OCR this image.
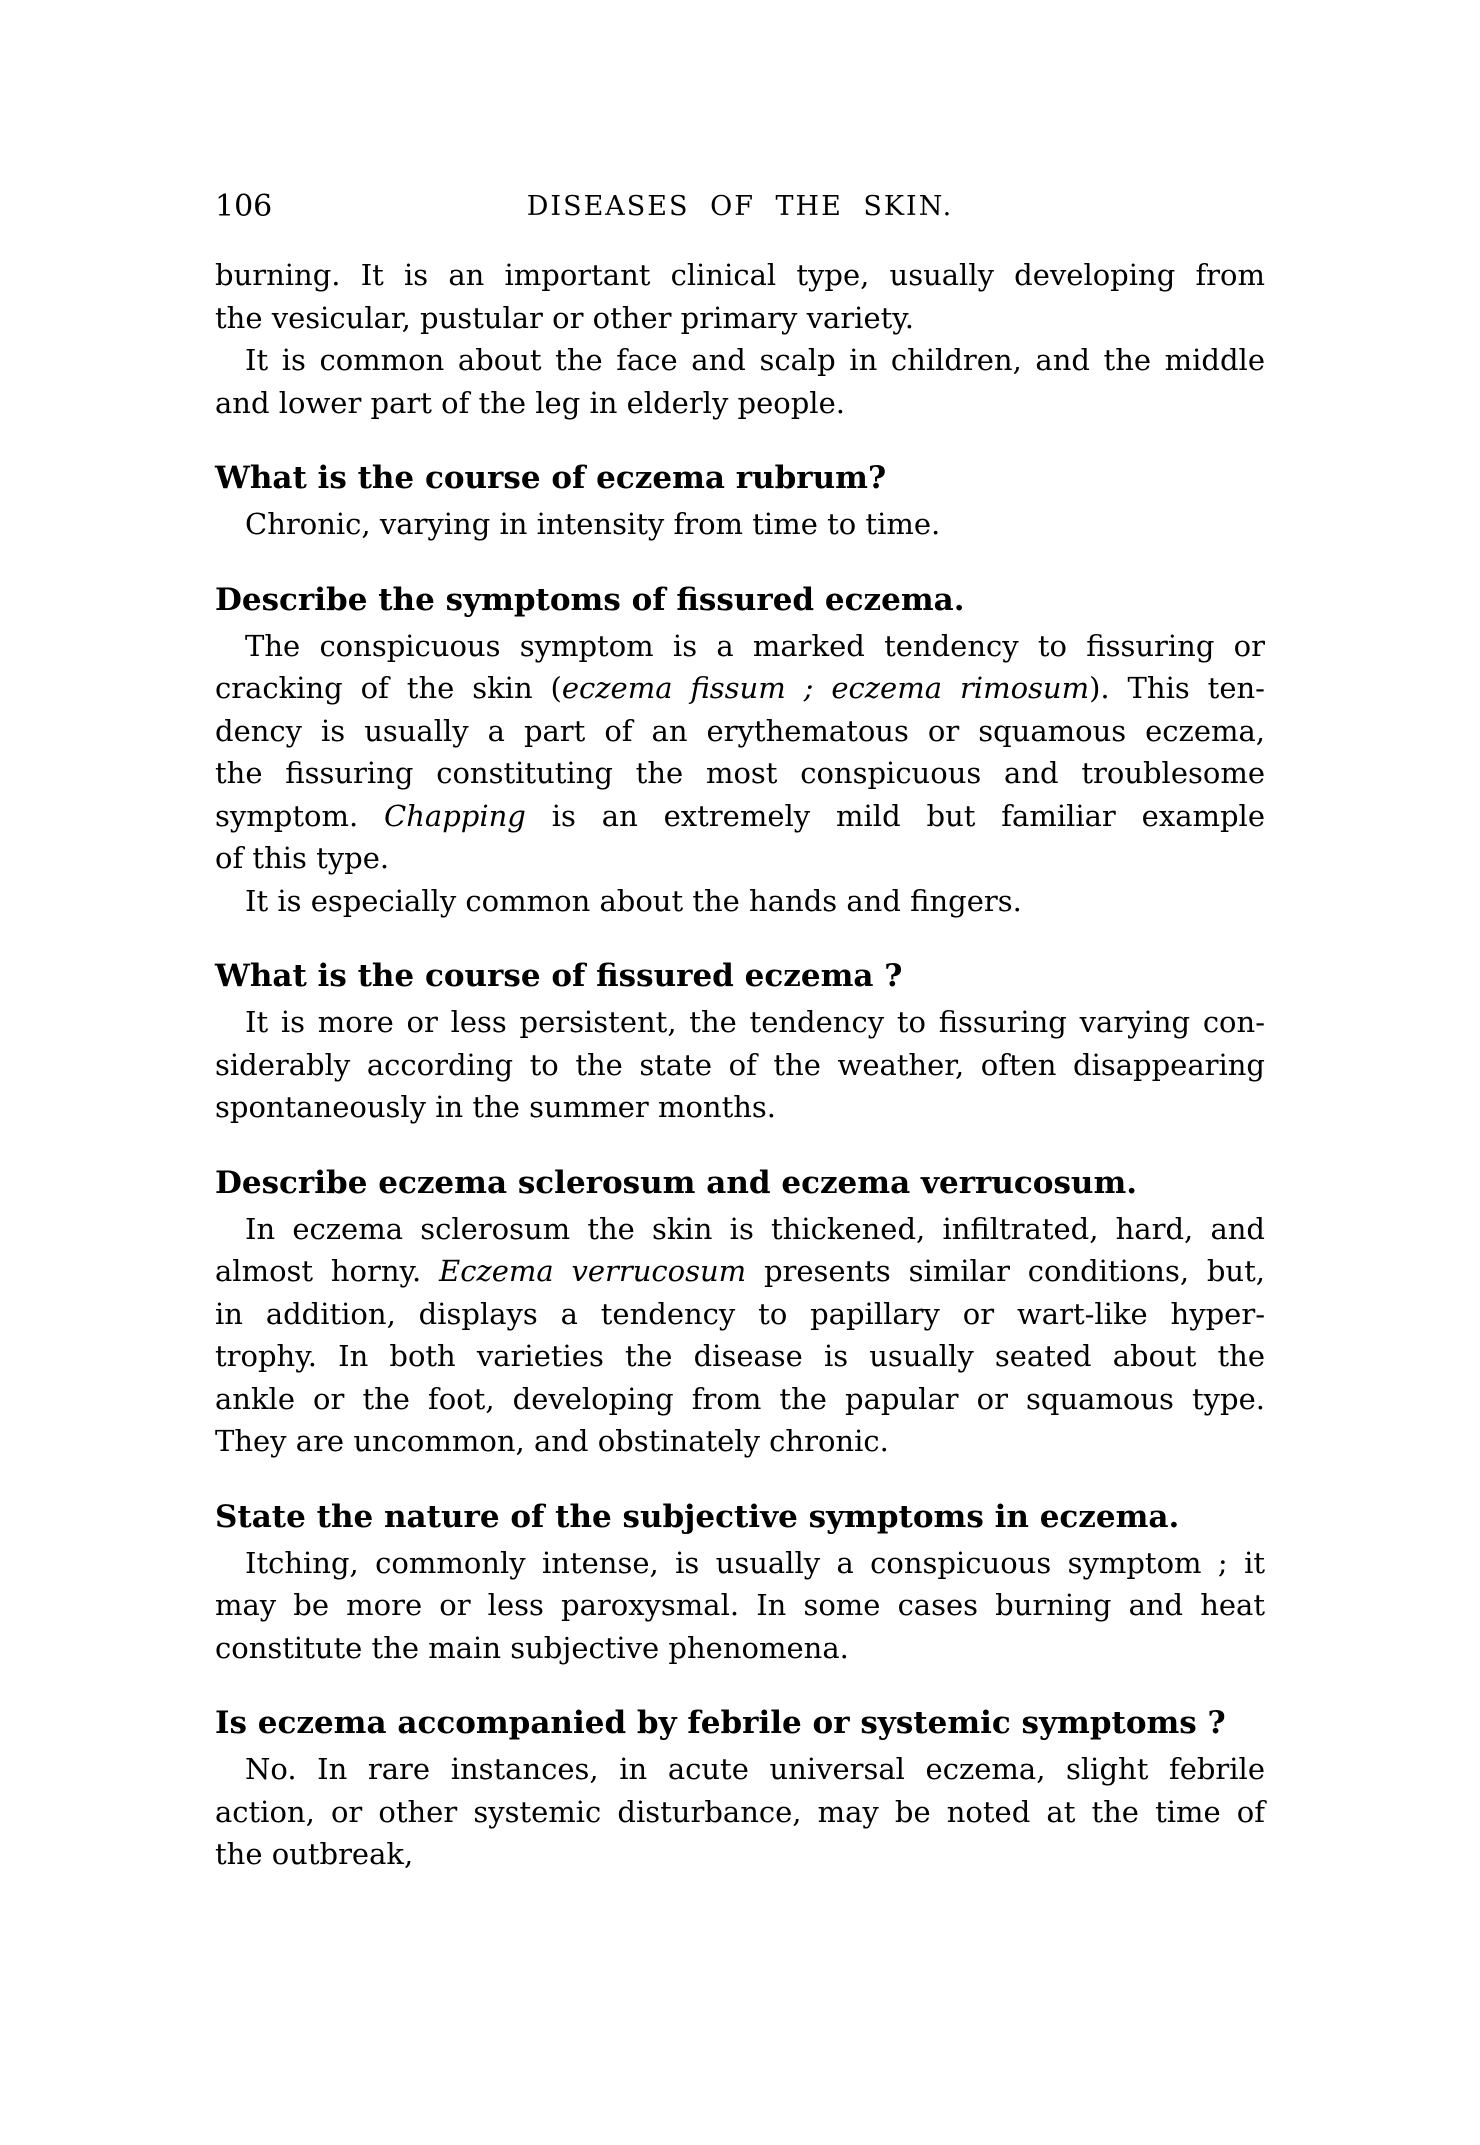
106	DISEASES OF THE SKIN.
burning. It is an important clinical type, usually developing from
the vesicular, pustular or other primary variety.
It is common about the face and scalp in children, and the middle
and lower part of the leg in elderly people.
What is the course of eczema rubrum?
Chronic, varying in intensity from time to time.
Describe the symptoms of fissured eczema.
The conspicuous symptom is a marked tendency to fissuring or
cracking of the skin (eczema fissum ; eczema rimosum). This ten-
dency is usually a part of an erythematous or squamous eczema,
the fissuring constituting the most conspicuous and troublesome
symptom. Chapping is an extremely mild but familiar example
of this type.
It is especially common about the hands and fingers.
What is the course of fissured eczema ?
It is more or less persistent, the tendency to fissuring varying con-
siderably according to the state of the weather, often disappearing
spontaneously in the summer months.
Describe eczema sclerosum and eczema verrucosum.
In eczema sclerosum the skin is thickened, infiltrated, hard, and
almost horny. Eczema verrucosum presents similar conditions, but,
in addition, displays a tendency to papillary or wart-like hyper-
trophy. In both varieties the disease is usually seated about the
ankle or the foot, developing from the papular or squamous type.
They are uncommon, and obstinately chronic.
State the nature of the subjective symptoms in eczema.
Itching, commonly intense, is usually a conspicuous symptom ; it
may be more or less paroxysmal. In some cases burning and heat
constitute the main subjective phenomena.
Is eczema accompanied by febrile or systemic symptoms ?
No. In rare instances, in acute universal eczema, slight febrile
action, or other systemic disturbance, may be noted at the time of
the outbreak,
